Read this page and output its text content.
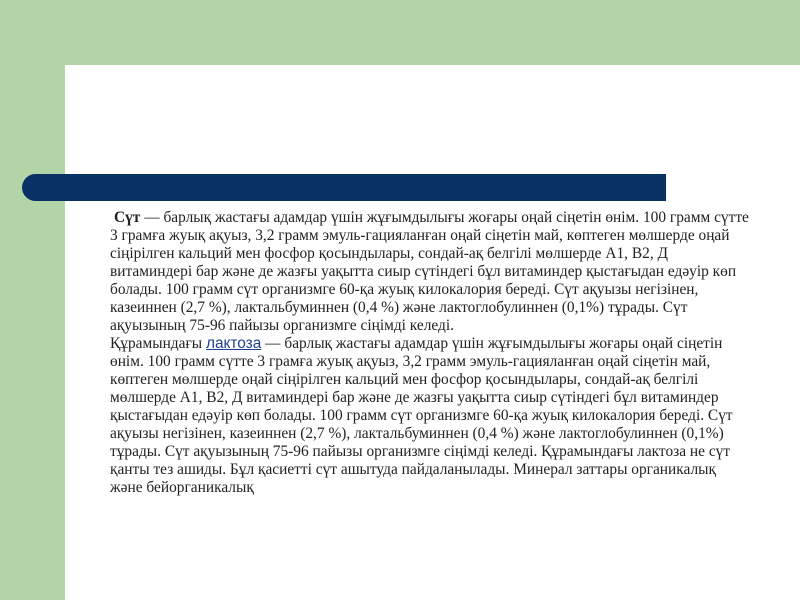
Сүт — барлық жастағы адамдар үшін жұғымдылығы жоғары оңай сіңетін өнім. 100 грамм сүтте 3 грамға жуық ақуыз, 3,2 грамм эмуль-гацияланған оңай сіңетін май, көптеген мөлшерде оңай сіңірілген кальций мен фосфор қосындылары, сондай-ақ белгілі мөлшерде А1, В2, Д витаминдері бар және де жазғы уақытта сиыр сүтіндегі бұл витаминдер қыстағыдан едәуір көп болады. 100 грамм сүт организмге 60-қа жуық килокалория береді. Сүт ақуызы негізінен, казеиннен (2,7 %), лактальбуминнен (0,4 %) және лактоглобулиннен (0,1%) тұрады. Сүт ақуызының 75-96 пайызы организмге сіңімді келеді.
Құрамындағы лактоза — барлық жастағы адамдар үшін жұғымдылығы жоғары оңай сіңетін өнім. 100 грамм сүтте 3 грамға жуық ақуыз, 3,2 грамм эмуль-гацияланған оңай сіңетін май, көптеген мөлшерде оңай сіңірілген кальций мен фосфор қосындылары, сондай-ақ белгілі мөлшерде А1, В2, Д витаминдері бар және де жазғы уақытта сиыр сүтіндегі бұл витаминдер қыстағыдан едәуір көп болады. 100 грамм сүт организмге 60-қа жуық килокалория береді. Сүт ақуызы негізінен, казеиннен (2,7 %), лактальбуминнен (0,4 %) және лактоглобулиннен (0,1%) тұрады. Сүт ақуызының 75-96 пайызы организмге сіңімді келеді. Құрамындағы лактоза не сүт қанты тез ашиды. Бұл қасиетті сүт ашытуда пайдаланылады. Минерал заттары органикалық және бейорганикалық
